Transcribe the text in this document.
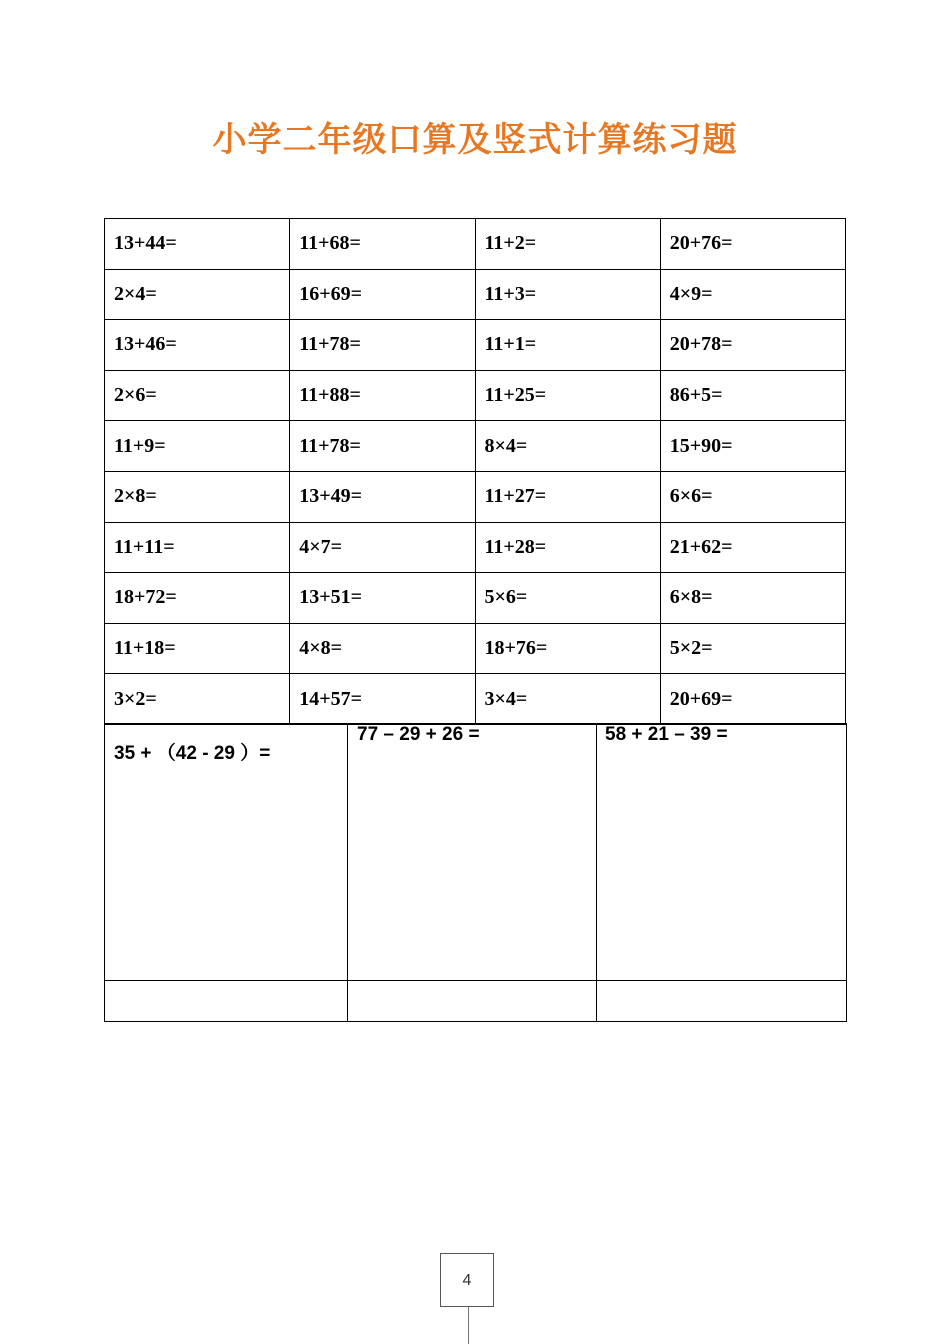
小学二年级口算及竖式计算练习题
13+44=	11+68=	11+2=	20+76=
2×4=	16+69=	11+3=	4×9=
13+46=	11+78=	11+1=	20+78=
2×6=	11+88=	11+25=	86+5=
11+9=	11+78=	8×4=	15+90=
2×8=	13+49=	11+27=	6×6=
11+11=	4×7=	11+28=	21+62=
18+72=	13+51=	5×6=	6×8=
11+18=	4×8=	18+76=	5×2=
3×2=	14+57=	3×4=	20+69=
35 + （42 - 29 ）=	77 – 29 + 26 =	58 + 21 – 39 =

4
